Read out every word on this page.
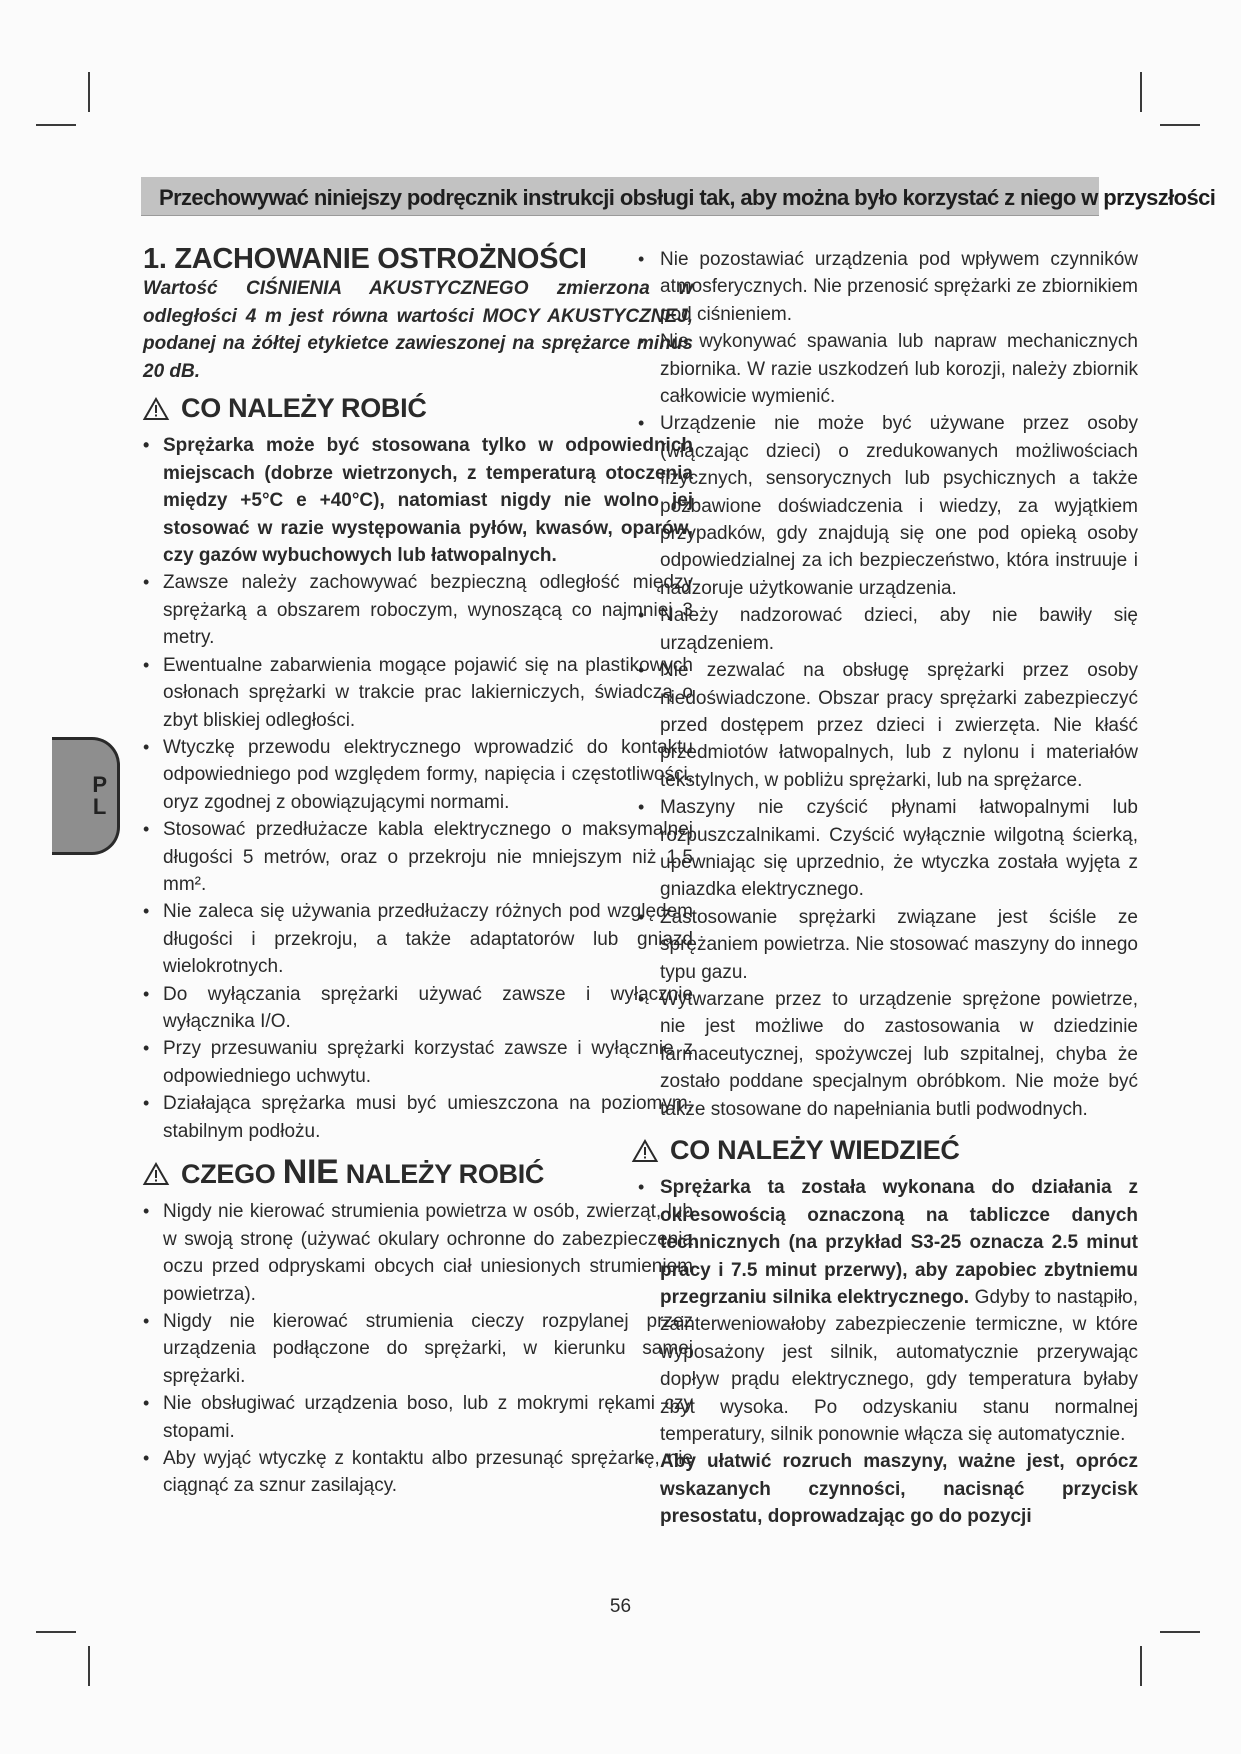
Przechowywać niniejszy podręcznik instrukcji obsługi tak, aby można było korzystać z niego w przyszłości
P
L
1. ZACHOWANIE OSTROŻNOŚCI

Wartość CIŚNIENIA AKUSTYCZNEGO zmierzona w odległości 4 m jest równa wartości MOCY AKUSTYCZNEJ, podanej na żółtej etykietce zawieszonej na sprężarce minus 20 dB.

CO NALEŻY ROBIĆ
• Sprężarka może być stosowana tylko w odpowiednich miejscach (dobrze wietrzonych, z temperaturą otoczenia między +5°C e +40°C), natomiast nigdy nie wolno jej stosować w razie występowania pyłów, kwasów, oparów, czy gazów wybuchowych lub łatwopalnych.
• Zawsze należy zachowywać bezpieczną odległość między sprężarką a obszarem roboczym, wynoszącą co najmniej 3 metry.
• Ewentualne zabarwienia mogące pojawić się na plastikowych osłonach sprężarki w trakcie prac lakierniczych, świadczą o zbyt bliskiej odległości.
• Wtyczkę przewodu elektrycznego wprowadzić do kontaktu odpowiedniego pod względem formy, napięcia i częstotliwości, oryz zgodnej z obowiązującymi normami.
• Stosować przedłużacze kabla elektrycznego o maksymalnej długości 5 metrów, oraz o przekroju nie mniejszym niż 1.5 mm².
• Nie zaleca się używania przedłużaczy różnych pod względem długości i przekroju, a także adaptatorów lub gniazd wielokrotnych.
• Do wyłączania sprężarki używać zawsze i wyłącznie wyłącznika I/O.
• Przy przesuwaniu sprężarki korzystać zawsze i wyłącznie z odpowiedniego uchwytu.
• Działająca sprężarka musi być umieszczona na poziomym, stabilnym podłożu.
CZEGO NIE NALEŻY ROBIĆ
• Nigdy nie kierować strumienia powietrza w osób, zwierząt, lub w swoją stronę (używać okulary ochronne do zabezpieczenia oczu przed odpryskami obcych ciał uniesionych strumieniem powietrza).
• Nigdy nie kierować strumienia cieczy rozpylanej przez urządzenia podłączone do sprężarki, w kierunku samej sprężarki.
• Nie obsługiwać urządzenia boso, lub z mokrymi rękami czy stopami.
• Aby wyjąć wtyczkę z kontaktu albo przesunąć sprężarkę, nie ciągnąć za sznur zasilający.
• Nie pozostawiać urządzenia pod wpływem czynników atmosferycznych. Nie przenosić sprężarki ze zbiornikiem pod ciśnieniem.
• Nie wykonywać spawania lub napraw mechanicznych zbiornika. W razie uszkodzeń lub korozji, należy zbiornik całkowicie wymienić.
• Urządzenie nie może być używane przez osoby (włączając dzieci) o zredukowanych możliwościach fizycznych, sensorycznych lub psychicznych a także pozbawione doświadczenia i wiedzy, za wyjątkiem przypadków, gdy znajdują się one pod opieką osoby odpowiedzialnej za ich bezpieczeństwo, która instruuje i nadzoruje użytkowanie urządzenia.
• Należy nadzorować dzieci, aby nie bawiły się urządzeniem.
• Nie zezwalać na obsługę sprężarki przez osoby niedoświadczone. Obszar pracy sprężarki zabezpieczyć przed dostępem przez dzieci i zwierzęta. Nie kłaść przedmiotów łatwopalnych, lub z nylonu i materiałów tekstylnych, w pobliżu sprężarki, lub na sprężarce.
• Maszyny nie czyścić płynami łatwopalnymi lub rozpuszczalnikami. Czyścić wyłącznie wilgotną ścierką, upewniając się uprzednio, że wtyczka została wyjęta z gniazdka elektrycznego.
• Zastosowanie sprężarki związane jest ściśle ze sprężaniem powietrza. Nie stosować maszyny do innego typu gazu.
• Wytwarzane przez to urządzenie sprężone powietrze, nie jest możliwe do zastosowania w dziedzinie farmaceutycznej, spożywczej lub szpitalnej, chyba że zostało poddane specjalnym obróbkom. Nie może być także stosowane do napełniania butli podwodnych.
CO NALEŻY WIEDZIEĆ
• Sprężarka ta została wykonana do działania z okresowością oznaczoną na tabliczce danych technicznych (na przykład S3-25 oznacza 2.5 minut pracy i 7.5 minut przerwy), aby zapobiec zbytniemu przegrzaniu silnika elektrycznego. Gdyby to nastąpiło, zainterweniowałoby zabezpieczenie termiczne, w które wyposażony jest silnik, automatycznie przerywając dopływ prądu elektrycznego, gdy temperatura byłaby zbyt wysoka. Po odzyskaniu stanu normalnej temperatury, silnik ponownie włącza się automatycznie.
• Aby ułatwić rozruch maszyny, ważne jest, oprócz wskazanych czynności, nacisnąć przycisk presostatu, doprowadzając go do pozycji
56
